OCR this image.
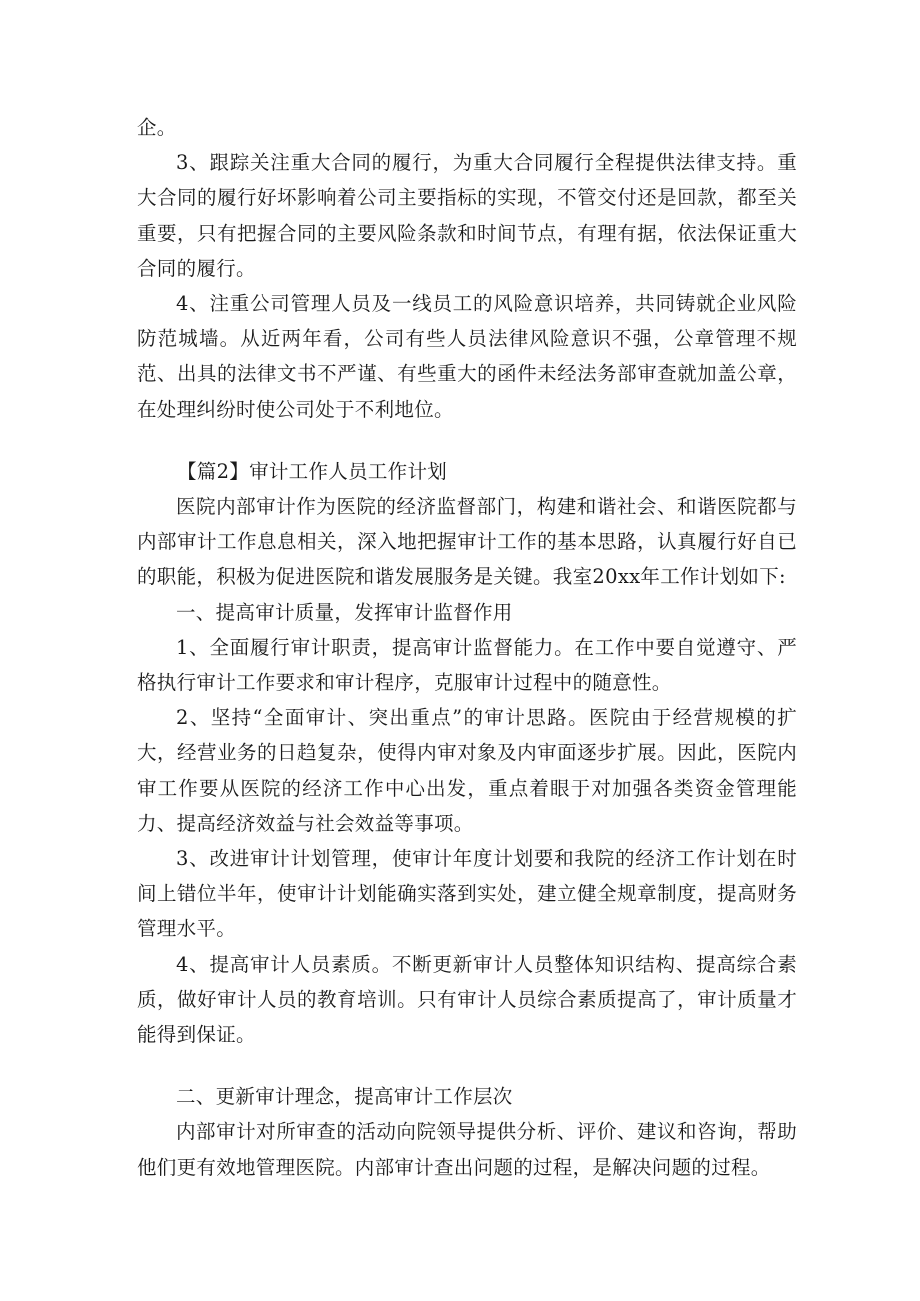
企。

3、跟踪关注重大合同的履行，为重大合同履行全程提供法律支持。重大合同的履行好坏影响着公司主要指标的实现，不管交付还是回款，都至关重要，只有把握合同的主要风险条款和时间节点，有理有据，依法保证重大合同的履行。

4、注重公司管理人员及一线员工的风险意识培养，共同铸就企业风险防范城墙。从近两年看，公司有些人员法律风险意识不强，公章管理不规范、出具的法律文书不严谨、有些重大的函件未经法务部审查就加盖公章，在处理纠纷时使公司处于不利地位。

【篇2】审计工作人员工作计划

医院内部审计作为医院的经济监督部门，构建和谐社会、和谐医院都与内部审计工作息息相关，深入地把握审计工作的基本思路，认真履行好自已的职能，积极为促进医院和谐发展服务是关键。我室20xx年工作计划如下:

一、提高审计质量，发挥审计监督作用

1、全面履行审计职责，提高审计监督能力。在工作中要自觉遵守、严格执行审计工作要求和审计程序，克服审计过程中的随意性。

2、坚持“全面审计、突出重点”的审计思路。医院由于经营规模的扩大，经营业务的日趋复杂，使得内审对象及内审面逐步扩展。因此，医院内审工作要从医院的经济工作中心出发，重点着眼于对加强各类资金管理能力、提高经济效益与社会效益等事项。

3、改进审计计划管理，使审计年度计划要和我院的经济工作计划在时间上错位半年，使审计计划能确实落到实处，建立健全规章制度，提高财务管理水平。

4、提高审计人员素质。不断更新审计人员整体知识结构、提高综合素质，做好审计人员的教育培训。只有审计人员综合素质提高了，审计质量才能得到保证。

二、更新审计理念，提高审计工作层次

内部审计对所审查的活动向院领导提供分析、评价、建议和咨询，帮助他们更有效地管理医院。内部审计查出问题的过程，是解决问题的过程。
